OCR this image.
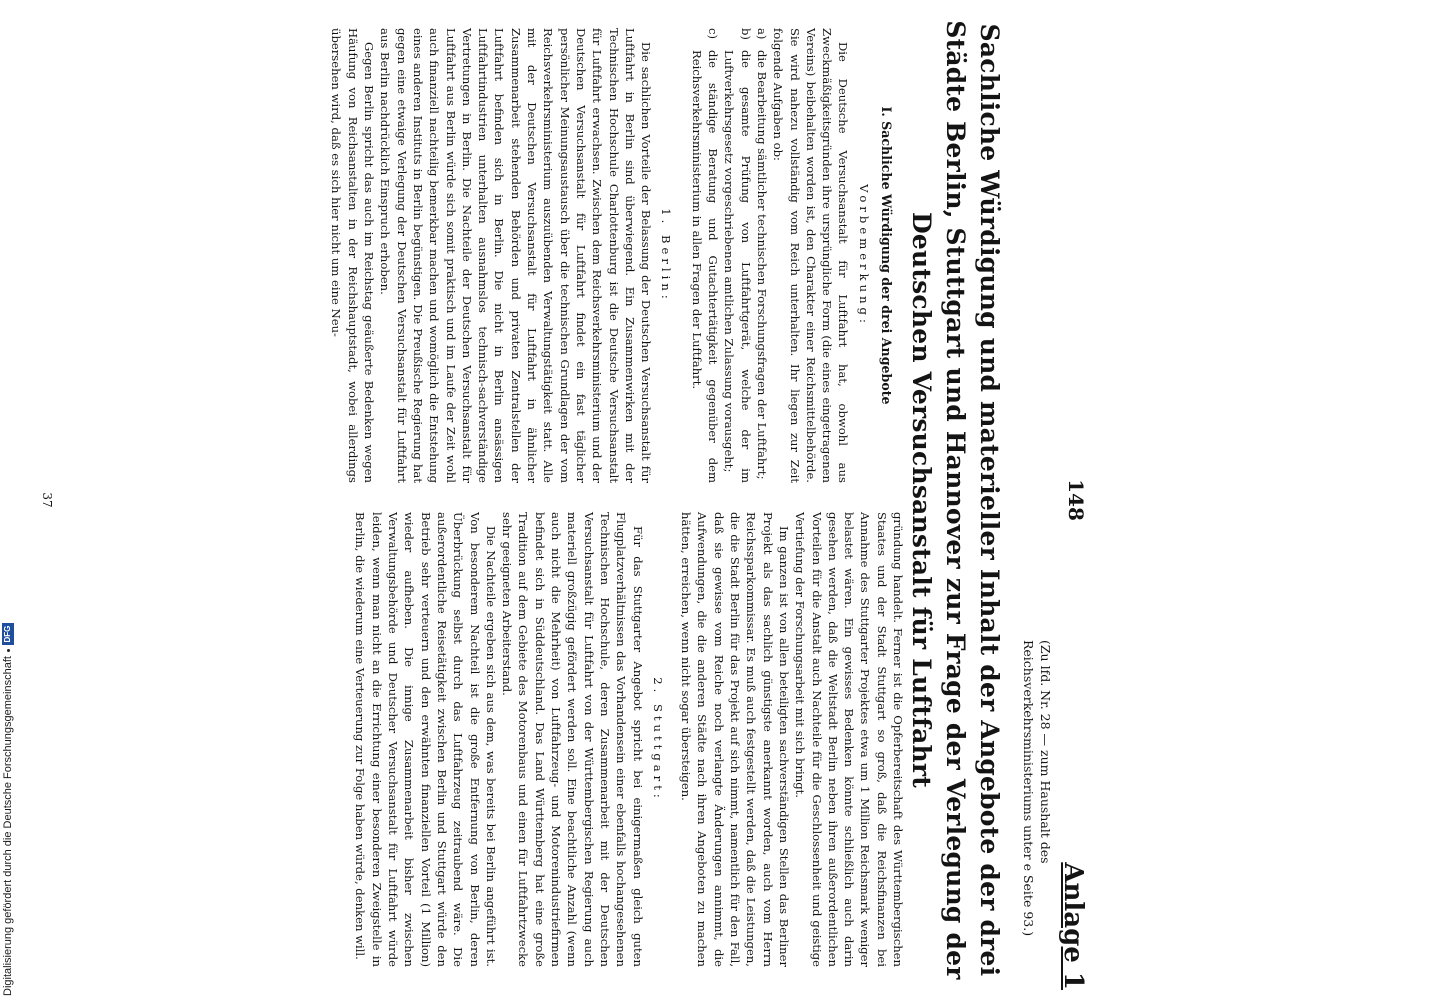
148
Anlage 1
(Zu lfd. Nr. 28 — zum Haushalt des Reichsverkehrsministeriums unter e Seite 93.)
Sachliche Würdigung und materieller Inhalt der Angebote der drei Städte Berlin, Stuttgart und Hannover zur Frage der Verlegung der Deutschen Versuchsanstalt für Luftfahrt
I. Sachliche Würdigung der drei Angebote
Vorbemerkung:

Die Deutsche Versuchsanstalt für Luftfahrt hat, obwohl aus Zweckmäßigkeitsgründen ihre ursprüngliche Form (die eines eingetragenen Vereins) beibehalten worden ist, den Charakter einer Reichsmittelbehörde. Sie wird nahezu vollständig vom Reich unterhalten. Ihr liegen zur Zeit folgende Aufgaben ob:

a)
die Bearbeitung sämtlicher technischen Forschungsfragen der Luftfahrt;
b)
die gesamte Prüfung von Luftfahrtgerät, welche der im Luftverkehrsgesetz vorgeschriebenen amtlichen Zulassung vorausgeht;
c)
die ständige Beratung und Gutachtertätigkeit gegenüber dem Reichsverkehrsministerium in allen Fragen der Luftfahrt.
1. Berlin:

Die sachlichen Vorteile der Belassung der Deutschen Versuchsanstalt für Luftfahrt in Berlin sind überwiegend. Ein Zusammenwirken mit der Technischen Hochschule Charlottenburg ist die Deutsche Versuchsanstalt für Luftfahrt erwachsen. Zwischen dem Reichsverkehrsministerium und der Deutschen Versuchsanstalt für Luftfahrt findet ein fast täglicher persönlicher Meinungsaustausch über die technischen Grundlagen der vom Reichsverkehrsministerium auszuübenden Verwaltungstätigkeit statt. Alle mit der Deutschen Versuchsanstalt für Luftfahrt in ähnlicher Zusammenarbeit stehenden Behörden und privaten Zentralstellen der Luftfahrt befinden sich in Berlin. Die nicht in Berlin ansässigen Luftfahrtindustrien unterhalten ausnahmslos technisch-sachverständige Vertretungen in Berlin. Die Nachteile der Deutschen Versuchsanstalt für Luftfahrt aus Berlin würde sich somit praktisch und im Laufe der Zeit wohl auch finanziell nachteilig bemerkbar machen und womöglich die Entstehung eines anderen Instituts in Berlin begünstigen. Die Preußische Regierung hat gegen eine etwaige Verlegung der Deutschen Versuchsanstalt für Luftfahrt aus Berlin nachdrücklich Einspruch erhoben.

Gegen Berlin spricht das auch im Reichstag geäußerte Bedenken wegen Häufung von Reichsanstalten in der Reichshauptstadt, wobei allerdings übersehen wird, daß es sich hier nicht um eine Neu-

gründung handelt. Ferner ist die Opferbereitschaft des Württembergischen Staates und der Stadt Stuttgart so groß, daß die Reichsfinanzen bei Annahme des Stuttgarter Projektes etwa um 1 Million Reichsmark weniger belastet wären. Ein gewisses Bedenken könnte schließlich auch darin gesehen werden, daß die Weltstadt Berlin neben ihren außerordentlichen Vorteilen für die Anstalt auch Nachteile für die Geschlossenheit und geistige Vertiefung der Forschungsarbeit mit sich bringt.

Im ganzen ist von allen beteiligten sachverständigen Stellen das Berliner Projekt als das sachlich günstigste anerkannt worden, auch vom Herrn Reichssparkommissar. Es muß auch festgestellt werden, daß die Leistungen, die die Stadt Berlin für das Projekt auf sich nimmt, namentlich für den Fall, daß sie gewisse vom Reiche noch verlangte Änderungen annimmt, die Aufwendungen, die die anderen Städte nach ihren Angeboten zu machen hätten, erreichen, wenn nicht sogar übersteigen.

2. Stuttgart:

Für das Stuttgarter Angebot spricht bei einigermaßen gleich guten Flugplatzverhältnissen das Vorhandensein einer ebenfalls hochangesehenen Technischen Hochschule, deren Zusammenarbeit mit der Deutschen Versuchsanstalt für Luftfahrt von der Württembergischen Regierung auch materiell großzügig gefördert werden soll. Eine beachtliche Anzahl (wenn auch nicht die Mehrheit) von Luftfahrzeug- und Motorenindustriefirmen befindet sich in Süddeutschland. Das Land Württemberg hat eine große Tradition auf dem Gebiete des Motorenbaus und einen für Luftfahrtzwecke sehr geeigneten Arbeiterstand.

Die Nachteile ergeben sich aus dem, was bereits bei Berlin angeführt ist. Von besonderem Nachteil ist die große Entfernung von Berlin, deren Überbrückung selbst durch das Luftfahrzeug zeitraubend wäre. Die außerordentliche Reisetätigkeit zwischen Berlin und Stuttgart würde den Betrieb sehr verteuern und den erwähnten finanziellen Vorteil (1 Million) wieder aufheben. Die innige Zusammenarbeit bisher zwischen Verwaltungsbehörde und Deutscher Versuchsanstalt für Luftfahrt würde leiden, wenn man nicht an die Errichtung einer besonderen Zweigstelle in Berlin, die wiederum eine Verteuerung zur Folge haben würde, denken will.

37
Digitalisierung gefördert durch die Deutsche Forschungsgemeinschaft
DFG
